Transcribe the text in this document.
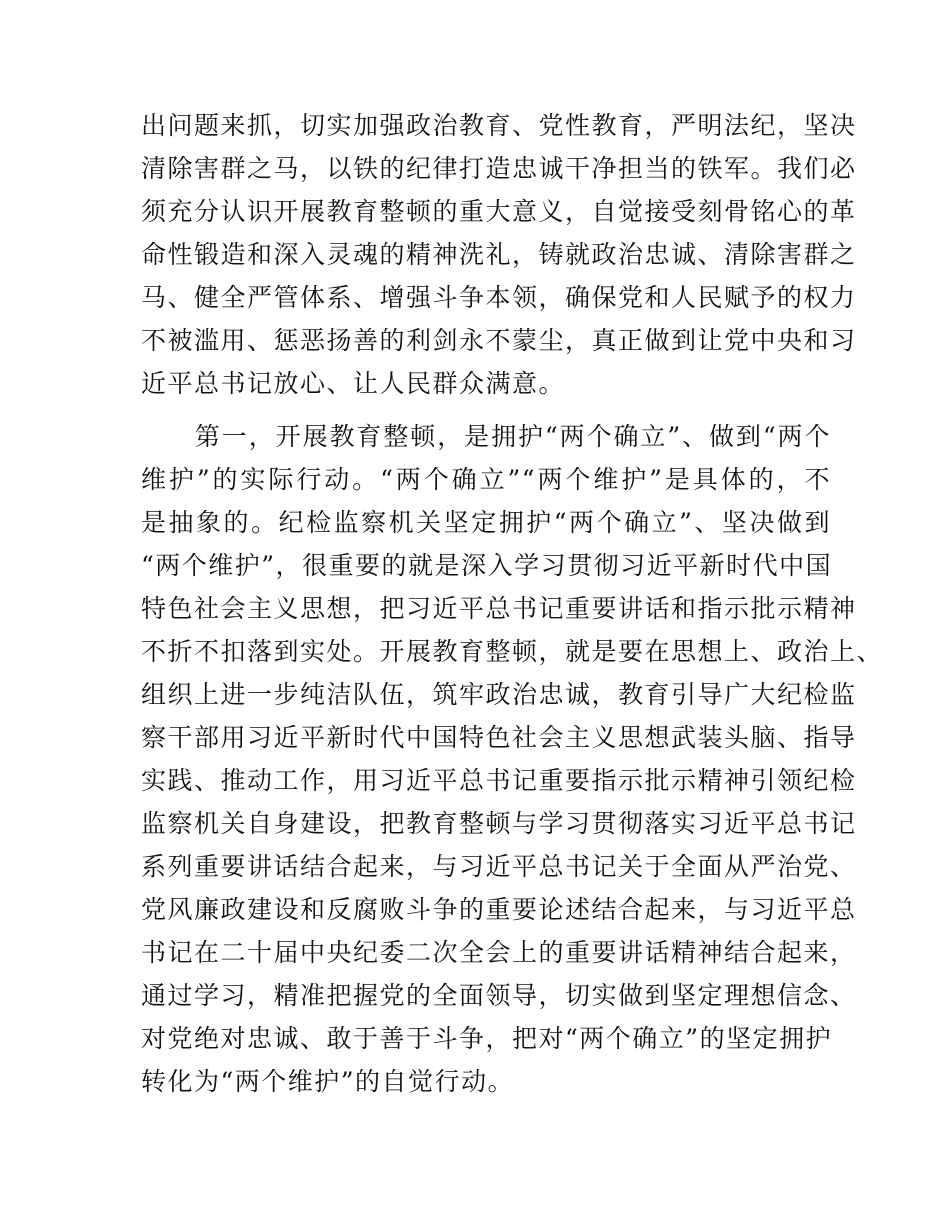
出问题来抓，切实加强政治教育、党性教育，严明法纪，坚决
清除害群之马，以铁的纪律打造忠诚干净担当的铁军。我们必
须充分认识开展教育整顿的重大意义，自觉接受刻骨铭心的革
命性锻造和深入灵魂的精神洗礼，铸就政治忠诚、清除害群之
马、健全严管体系、增强斗争本领，确保党和人民赋予的权力
不被滥用、惩恶扬善的利剑永不蒙尘，真正做到让党中央和习
近平总书记放心、让人民群众满意。
　　第一，开展教育整顿，是拥护“两个确立”、做到“两个
维护”的实际行动。“两个确立”“两个维护”是具体的，不
是抽象的。纪检监察机关坚定拥护“两个确立”、坚决做到
“两个维护”，很重要的就是深入学习贯彻习近平新时代中国
特色社会主义思想，把习近平总书记重要讲话和指示批示精神
不折不扣落到实处。开展教育整顿，就是要在思想上、政治上、
组织上进一步纯洁队伍，筑牢政治忠诚，教育引导广大纪检监
察干部用习近平新时代中国特色社会主义思想武装头脑、指导
实践、推动工作，用习近平总书记重要指示批示精神引领纪检
监察机关自身建设，把教育整顿与学习贯彻落实习近平总书记
系列重要讲话结合起来，与习近平总书记关于全面从严治党、
党风廉政建设和反腐败斗争的重要论述结合起来，与习近平总
书记在二十届中央纪委二次全会上的重要讲话精神结合起来，
通过学习，精准把握党的全面领导，切实做到坚定理想信念、
对党绝对忠诚、敢于善于斗争，把对“两个确立”的坚定拥护
转化为“两个维护”的自觉行动。
